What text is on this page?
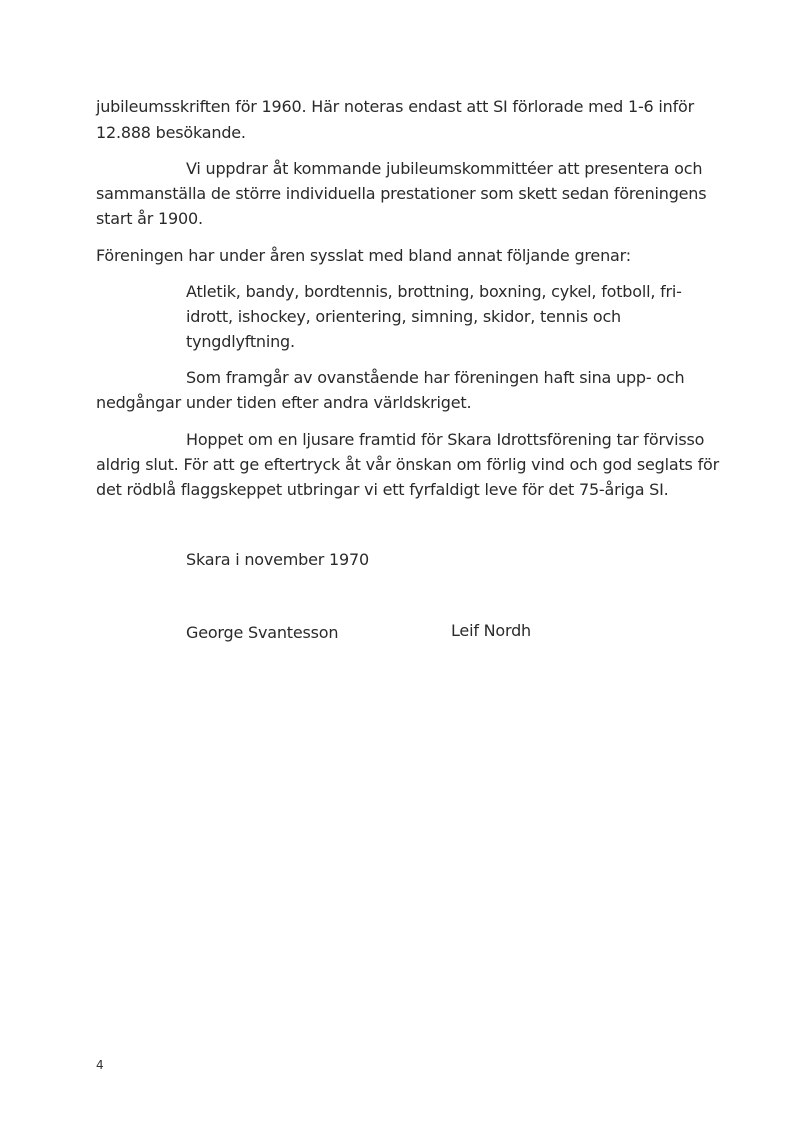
jubileumsskriften för 1960. Här noteras endast att SI förlorade med 1-6 inför
12.888 besökande.
Vi uppdrar åt kommande jubileumskommittéer att presentera och
sammanställa de större individuella prestationer som skett sedan föreningens
start år 1900.
Föreningen har under åren sysslat med bland annat följande grenar:
Atletik, bandy, bordtennis, brottning, boxning, cykel, fotboll, fri-
idrott, ishockey, orientering, simning, skidor, tennis och
tyngdlyftning.
Som framgår av ovanstående har föreningen haft sina upp- och
nedgångar under tiden efter andra världskriget.
Hoppet om en ljusare framtid för Skara Idrottsförening tar förvisso
aldrig slut. För att ge eftertryck åt vår önskan om förlig vind och god seglats för
det rödblå flaggskeppet utbringar vi ett fyrfaldigt leve för det 75-åriga SI.
Skara i november 1970
George Svantesson	Leif Nordh
4
